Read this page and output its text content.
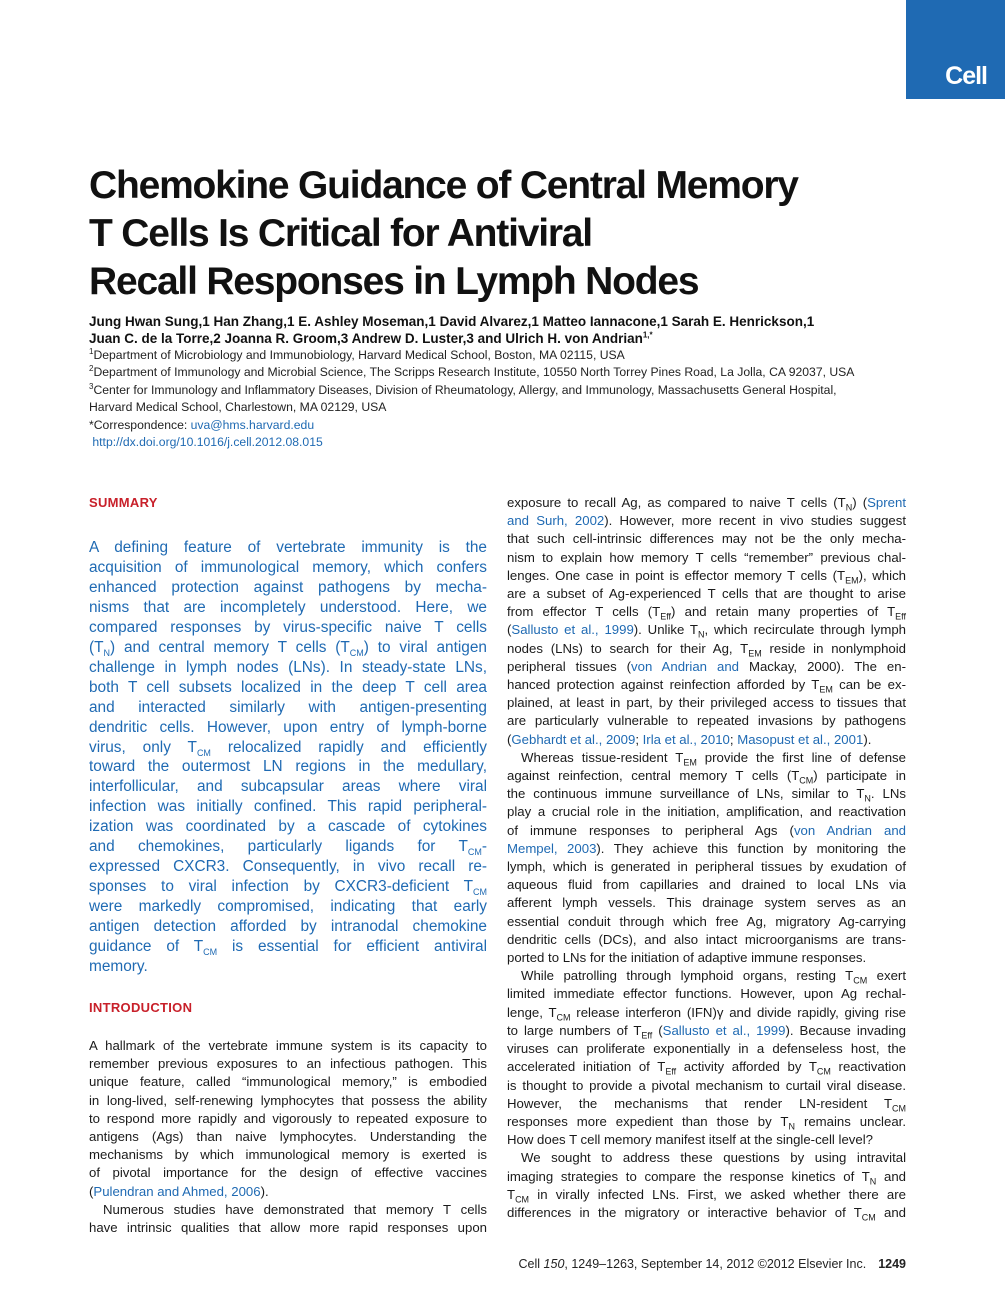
Cell
Chemokine Guidance of Central Memory
T Cells Is Critical for Antiviral
Recall Responses in Lymph Nodes
Jung Hwan Sung,1 Han Zhang,1 E. Ashley Moseman,1 David Alvarez,1 Matteo Iannacone,1 Sarah E. Henrickson,1
Juan C. de la Torre,2 Joanna R. Groom,3 Andrew D. Luster,3 and Ulrich H. von Andrian$^{1,*}$
$^1$Department of Microbiology and Immunobiology, Harvard Medical School, Boston, MA 02115, USA
$^2$Department of Immunology and Microbial Science, The Scripps Research Institute, 10550 North Torrey Pines Road, La Jolla, CA 92037, USA
$^3$Center for Immunology and Inflammatory Diseases, Division of Rheumatology, Allergy, and Immunology, Massachusetts General Hospital,
Harvard Medical School, Charlestown, MA 02129, USA
*Correspondence: uva@hms.harvard.edu
http://dx.doi.org/10.1016/j.cell.2012.08.015
SUMMARY
A defining feature of vertebrate immunity is the
acquisition of immunological memory, which confers
enhanced protection against pathogens by mecha-
nisms that are incompletely understood. Here, we
compared responses by virus-specific naive T cells
$(T_N)$ and central memory T cells $(T_{CM})$ to viral antigen
challenge in lymph nodes (LNs). In steady-state LNs,
both T cell subsets localized in the deep T cell area
and interacted similarly with antigen-presenting
dendritic cells. However, upon entry of lymph-borne
virus, only $T_{CM}$ relocalized rapidly and efficiently
toward the outermost LN regions in the medullary,
interfollicular, and subcapsular areas where viral
infection was initially confined. This rapid peripheral-
ization was coordinated by a cascade of cytokines
and chemokines, particularly ligands for $T_{CM}-$
expressed CXCR3. Consequently, in vivo recall re-
sponses to viral infection by CXCR3-deficient $T_{CM}$
were markedly compromised, indicating that early
antigen detection afforded by intranodal chemokine
guidance of $T_{CM}$ is essential for efficient antiviral
memory.
INTRODUCTION
A hallmark of the vertebrate immune system is its capacity to
remember previous exposures to an infectious pathogen. This
unique feature, called “immunological memory,” is embodied
in long-lived, self-renewing lymphocytes that possess the ability
to respond more rapidly and vigorously to repeated exposure to
antigens (Ags) than naive lymphocytes. Understanding the
mechanisms by which immunological memory is exerted is
of pivotal importance for the design of effective vaccines
(Pulendran and Ahmed, 2006).
Numerous studies have demonstrated that memory T cells
have intrinsic qualities that allow more rapid responses upon
exposure to recall Ag, as compared to naive T cells $(T_N)$ (Sprent
and Surh, 2002). However, more recent in vivo studies suggest
that such cell-intrinsic differences may not be the only mecha-
nism to explain how memory T cells “remember” previous chal-
lenges. One case in point is effector memory T cells $(T_{EM})$, which
are a subset of Ag-experienced T cells that are thought to arise
from effector T cells $(T_{Eff})$ and retain many properties of $T_{Eff}$
(Sallusto et al., 1999). Unlike $T_N$, which recirculate through lymph
nodes (LNs) to search for their Ag, $T_{EM}$ reside in nonlymphoid
peripheral tissues (von Andrian and Mackay, 2000). The en-
hanced protection against reinfection afforded by $T_{EM}$ can be ex-
plained, at least in part, by their privileged access to tissues that
are particularly vulnerable to repeated invasions by pathogens
(Gebhardt et al., 2009; Irla et al., 2010; Masopust et al., 2001).
Whereas tissue-resident $T_{EM}$ provide the first line of defense
against reinfection, central memory T cells $(T_{CM})$ participate in
the continuous immune surveillance of LNs, similar to $T_N$. LNs
play a crucial role in the initiation, amplification, and reactivation
of immune responses to peripheral Ags (von Andrian and
Mempel, 2003). They achieve this function by monitoring the
lymph, which is generated in peripheral tissues by exudation of
aqueous fluid from capillaries and drained to local LNs via
afferent lymph vessels. This drainage system serves as an
essential conduit through which free Ag, migratory Ag-carrying
dendritic cells (DCs), and also intact microorganisms are trans-
ported to LNs for the initiation of adaptive immune responses.
While patrolling through lymphoid organs, resting $T_{CM}$ exert
limited immediate effector functions. However, upon Ag rechal-
lenge, $T_{CM}$ release interferon (IFN)γ and divide rapidly, giving rise
to large numbers of $T_{Eff}$ (Sallusto et al., 1999). Because invading
viruses can proliferate exponentially in a defenseless host, the
accelerated initiation of $T_{Eff}$ activity afforded by $T_{CM}$ reactivation
is thought to provide a pivotal mechanism to curtail viral disease.
However, the mechanisms that render LN-resident $T_{CM}$
responses more expedient than those by $T_N$ remains unclear.
How does T cell memory manifest itself at the single-cell level?
We sought to address these questions by using intravital
imaging strategies to compare the response kinetics of $T_N$ and
$T_{CM}$ in virally infected LNs. First, we asked whether there are
differences in the migratory or interactive behavior of $T_{CM}$ and
Cell 150, 1249–1263, September 14, 2012 ©2012 Elsevier Inc. 1249
